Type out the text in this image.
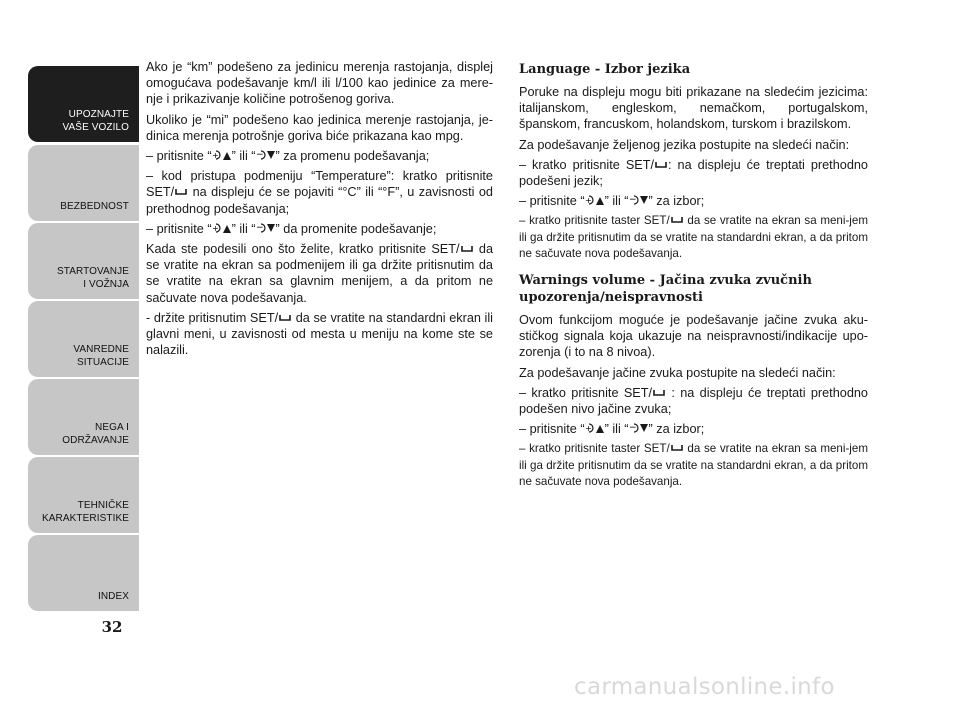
UPOZNAJTE
VAŠE VOZILO
BEZBEDNOST
STARTOVANJE
I VOŽNJA
VANREDNE
SITUACIJE
NEGA I
ODRŽAVANJE
TEHNIČKE
KARAKTERISTIKE
INDEX
32

Ako je “km” podešeno za jedinicu merenja rastojanja, displej omogućava podešavanje km/l ili l/100 kao jedinice za mere-nje i prikazivanje količine potrošenog goriva.

Ukoliko je “mi” podešeno kao jedinica merenje rastojanja, je-dinica merenja potrošnje goriva biće prikazana kao mpg.

– pritisnite “ + ” ili “ − ” za promenu podešavanja;

– kod pristupa podmeniju “Temperature”: kratko pritisnite SET/ na displeju će se pojaviti “°C” ili “°F”, u zavisnosti od prethodnog podešavanja;

– pritisnite “ + ” ili “ − ” da promenite podešavanje;

Kada ste podesili ono što želite, kratko pritisnite SET/ da se vratite na ekran sa podmenijem ili ga držite pritisnutim da se vratite na ekran sa glavnim menijem, a da pritom ne sačuvate nova podešavanja.

- držite pritisnutim SET/ da se vratite na standardni ekran ili glavni meni, u zavisnosti od mesta u meniju na kome ste se nalazili.

Language - Izbor jezika

Poruke na displeju mogu biti prikazane na sledećim jezicima: italijanskom, engleskom, nemačkom, portugalskom, španskom, francuskom, holandskom, turskom i brazilskom.

Za podešavanje željenog jezika postupite na sledeći način:

– kratko pritisnite SET/ : na displeju će treptati prethodno podešeni jezik;

– pritisnite “ + ” ili “ − ” za izbor;

– kratko pritisnite taster SET/ da se vratite na ekran sa meni-jem ili ga držite pritisnutim da se vratite na standardni ekran, a da pritom ne sačuvate nova podešavanja.

Warnings volume - Jačina zvuka zvučnih upozorenja/neispravnosti

Ovom funkcijom moguće je podešavanje jačine zvuka aku-stičkog signala koja ukazuje na neispravnosti/indikacije upo-zorenja (i to na 8 nivoa).

Za podešavanje jačine zvuka postupite na sledeći način:

– kratko pritisnite SET/ : na displeju će treptati prethodno podešen nivo jačine zvuka;

– pritisnite “ + ” ili “ − ” za izbor;

– kratko pritisnite taster SET/ da se vratite na ekran sa meni-jem ili ga držite pritisnutim da se vratite na standardni ekran, a da pritom ne sačuvate nova podešavanja.

carmanualsonline.info
